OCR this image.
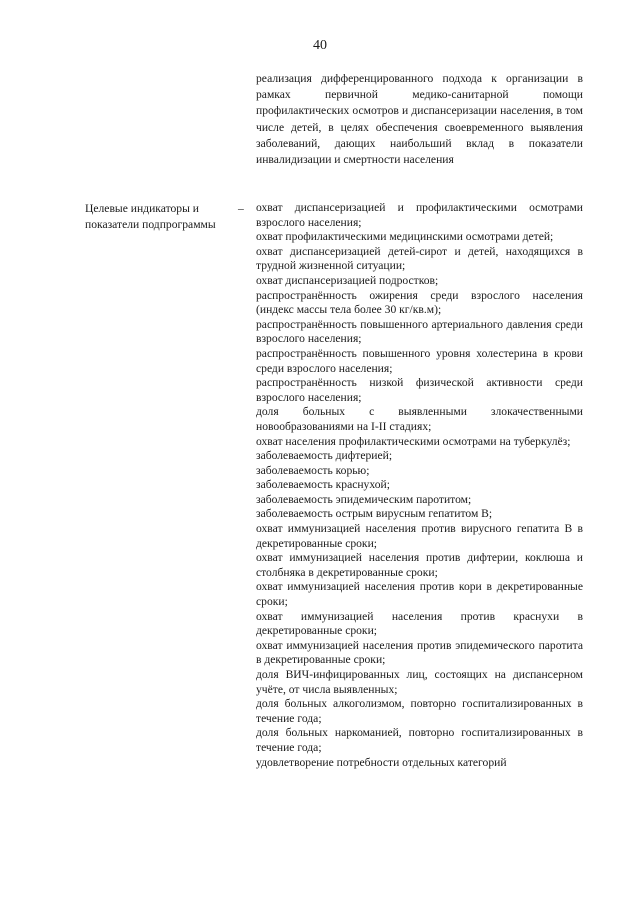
40

реализация дифференцированного подхода к организации в рамках первичной медико-санитарной помощи профилактических осмотров и диспансеризации населения, в том числе детей, в целях обеспечения своевременного выявления заболеваний, дающих наибольший вклад в показатели инвалидизации и смертности населения

Целевые индикаторы и показатели подпрограммы
– охват диспансеризацией и профилактическими осмотрами взрослого населения;
охват профилактическими медицинскими осмотрами детей;
охват диспансеризацией детей-сирот и детей, находящихся в трудной жизненной ситуации;
охват диспансеризацией подростков;
распространённость ожирения среди взрослого населения (индекс массы тела более 30 кг/кв.м);
распространённость повышенного артериального давления среди взрослого населения;
распространённость повышенного уровня холестерина в крови среди взрослого населения;
распространённость низкой физической активности среди взрослого населения;
доля больных с выявленными злокачественными новообразованиями на I-II стадиях;
охват населения профилактическими осмотрами на туберкулёз;
заболеваемость дифтерией;
заболеваемость корью;
заболеваемость краснухой;
заболеваемость эпидемическим паротитом;
заболеваемость острым вирусным гепатитом В;
охват иммунизацией населения против вирусного гепатита В в декретированные сроки;
охват иммунизацией населения против дифтерии, коклюша и столбняка в декретированные сроки;
охват иммунизацией населения против кори в декретированные сроки;
охват иммунизацией населения против краснухи в декретированные сроки;
охват иммунизацией населения против эпидемического паротита в декретированные сроки;
доля ВИЧ-инфицированных лиц, состоящих на диспансерном учёте, от числа выявленных;
доля больных алкоголизмом, повторно госпитализированных в течение года;
доля больных наркоманией, повторно госпитализированных в течение года;
удовлетворение потребности отдельных категорий
